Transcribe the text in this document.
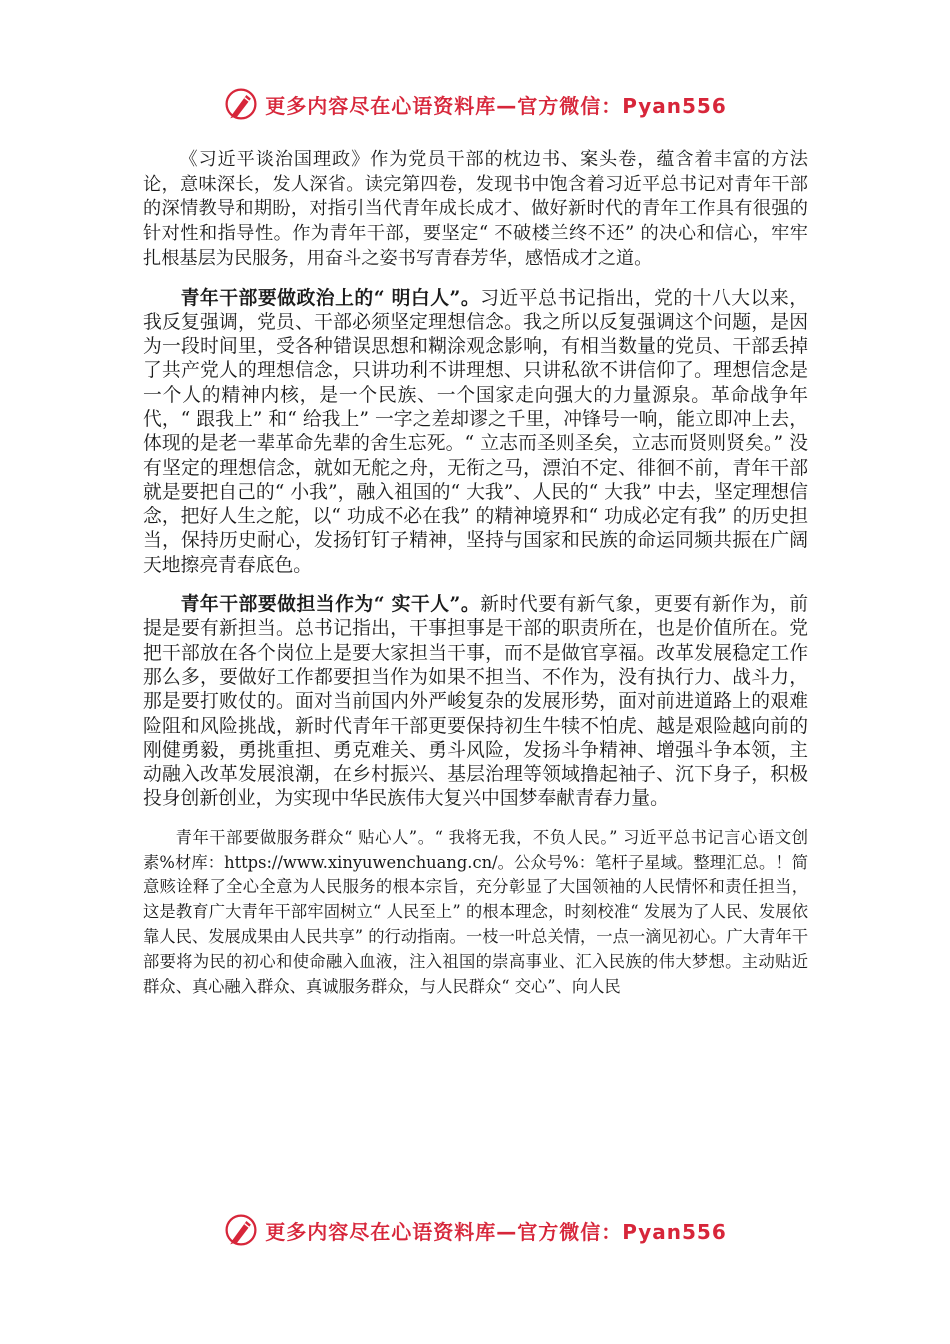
更多内容尽在心语资料库—官方微信：Pyan556

《习近平谈治国理政》作为党员干部的枕边书、案头卷，蕴含着丰富的方法论，意味深长，发人深省。读完第四卷，发现书中饱含着习近平总书记对青年干部的深情教导和期盼，对指引当代青年成长成才、做好新时代的青年工作具有很强的针对性和指导性。作为青年干部，要坚定“ 不破楼兰终不还” 的决心和信心，牢牢扎根基层为民服务，用奋斗之姿书写青春芳华，感悟成才之道。

青年干部要做政治上的“ 明白人”。习近平总书记指出，党的十八大以来，我反复强调，党员、干部必须坚定理想信念。我之所以反复强调这个问题，是因为一段时间里，受各种错误思想和糊涂观念影响，有相当数量的党员、干部丢掉了共产党人的理想信念，只讲功利不讲理想、只讲私欲不讲信仰了。理想信念是一个人的精神内核，是一个民族、一个国家走向强大的力量源泉。革命战争年代，“ 跟我上” 和“ 给我上” 一字之差却谬之千里，冲锋号一响，能立即冲上去，体现的是老一辈革命先辈的舍生忘死。“ 立志而圣则圣矣，立志而贤则贤矣。” 没有坚定的理想信念，就如无舵之舟，无衔之马，漂泊不定、徘徊不前，青年干部就是要把自己的“ 小我”，融入祖国的“ 大我”、人民的“ 大我” 中去，坚定理想信念，把好人生之舵，以“ 功成不必在我” 的精神境界和“ 功成必定有我” 的历史担当，保持历史耐心，发扬钉钉子精神，坚持与国家和民族的命运同频共振在广阔天地擦亮青春底色。

青年干部要做担当作为“ 实干人”。新时代要有新气象，更要有新作为，前提是要有新担当。总书记指出，干事担事是干部的职责所在，也是价值所在。党把干部放在各个岗位上是要大家担当干事，而不是做官享福。改革发展稳定工作那么多，要做好工作都要担当作为如果不担当、不作为，没有执行力、战斗力，那是要打败仗的。面对当前国内外严峻复杂的发展形势，面对前进道路上的艰难险阻和风险挑战，新时代青年干部更要保持初生牛犊不怕虎、越是艰险越向前的刚健勇毅，勇挑重担、勇克难关、勇斗风险，发扬斗争精神、增强斗争本领，主动融入改革发展浪潮，在乡村振兴、基层治理等领域撸起袖子、沉下身子，积极投身创新创业，为实现中华民族伟大复兴中国梦奉献青春力量。

青年干部要做服务群众“ 贴心人”。“ 我将无我，不负人民。” 习近平总书记言心语文创素%材库：https://www.xinyuwenchuang.cn/。公众号%：笔杆子星域。整理汇总。！简意赅诠释了全心全意为人民服务的根本宗旨，充分彰显了大国领袖的人民情怀和责任担当，这是教育广大青年干部牢固树立“ 人民至上” 的根本理念，时刻校准“ 发展为了人民、发展依靠人民、发展成果由人民共享” 的行动指南。一枝一叶总关情，一点一滴见初心。广大青年干部要将为民的初心和使命融入血液，注入祖国的崇高事业、汇入民族的伟大梦想。主动贴近群众、真心融入群众、真诚服务群众，与人民群众“ 交心”、向人民

更多内容尽在心语资料库—官方微信：Pyan556
